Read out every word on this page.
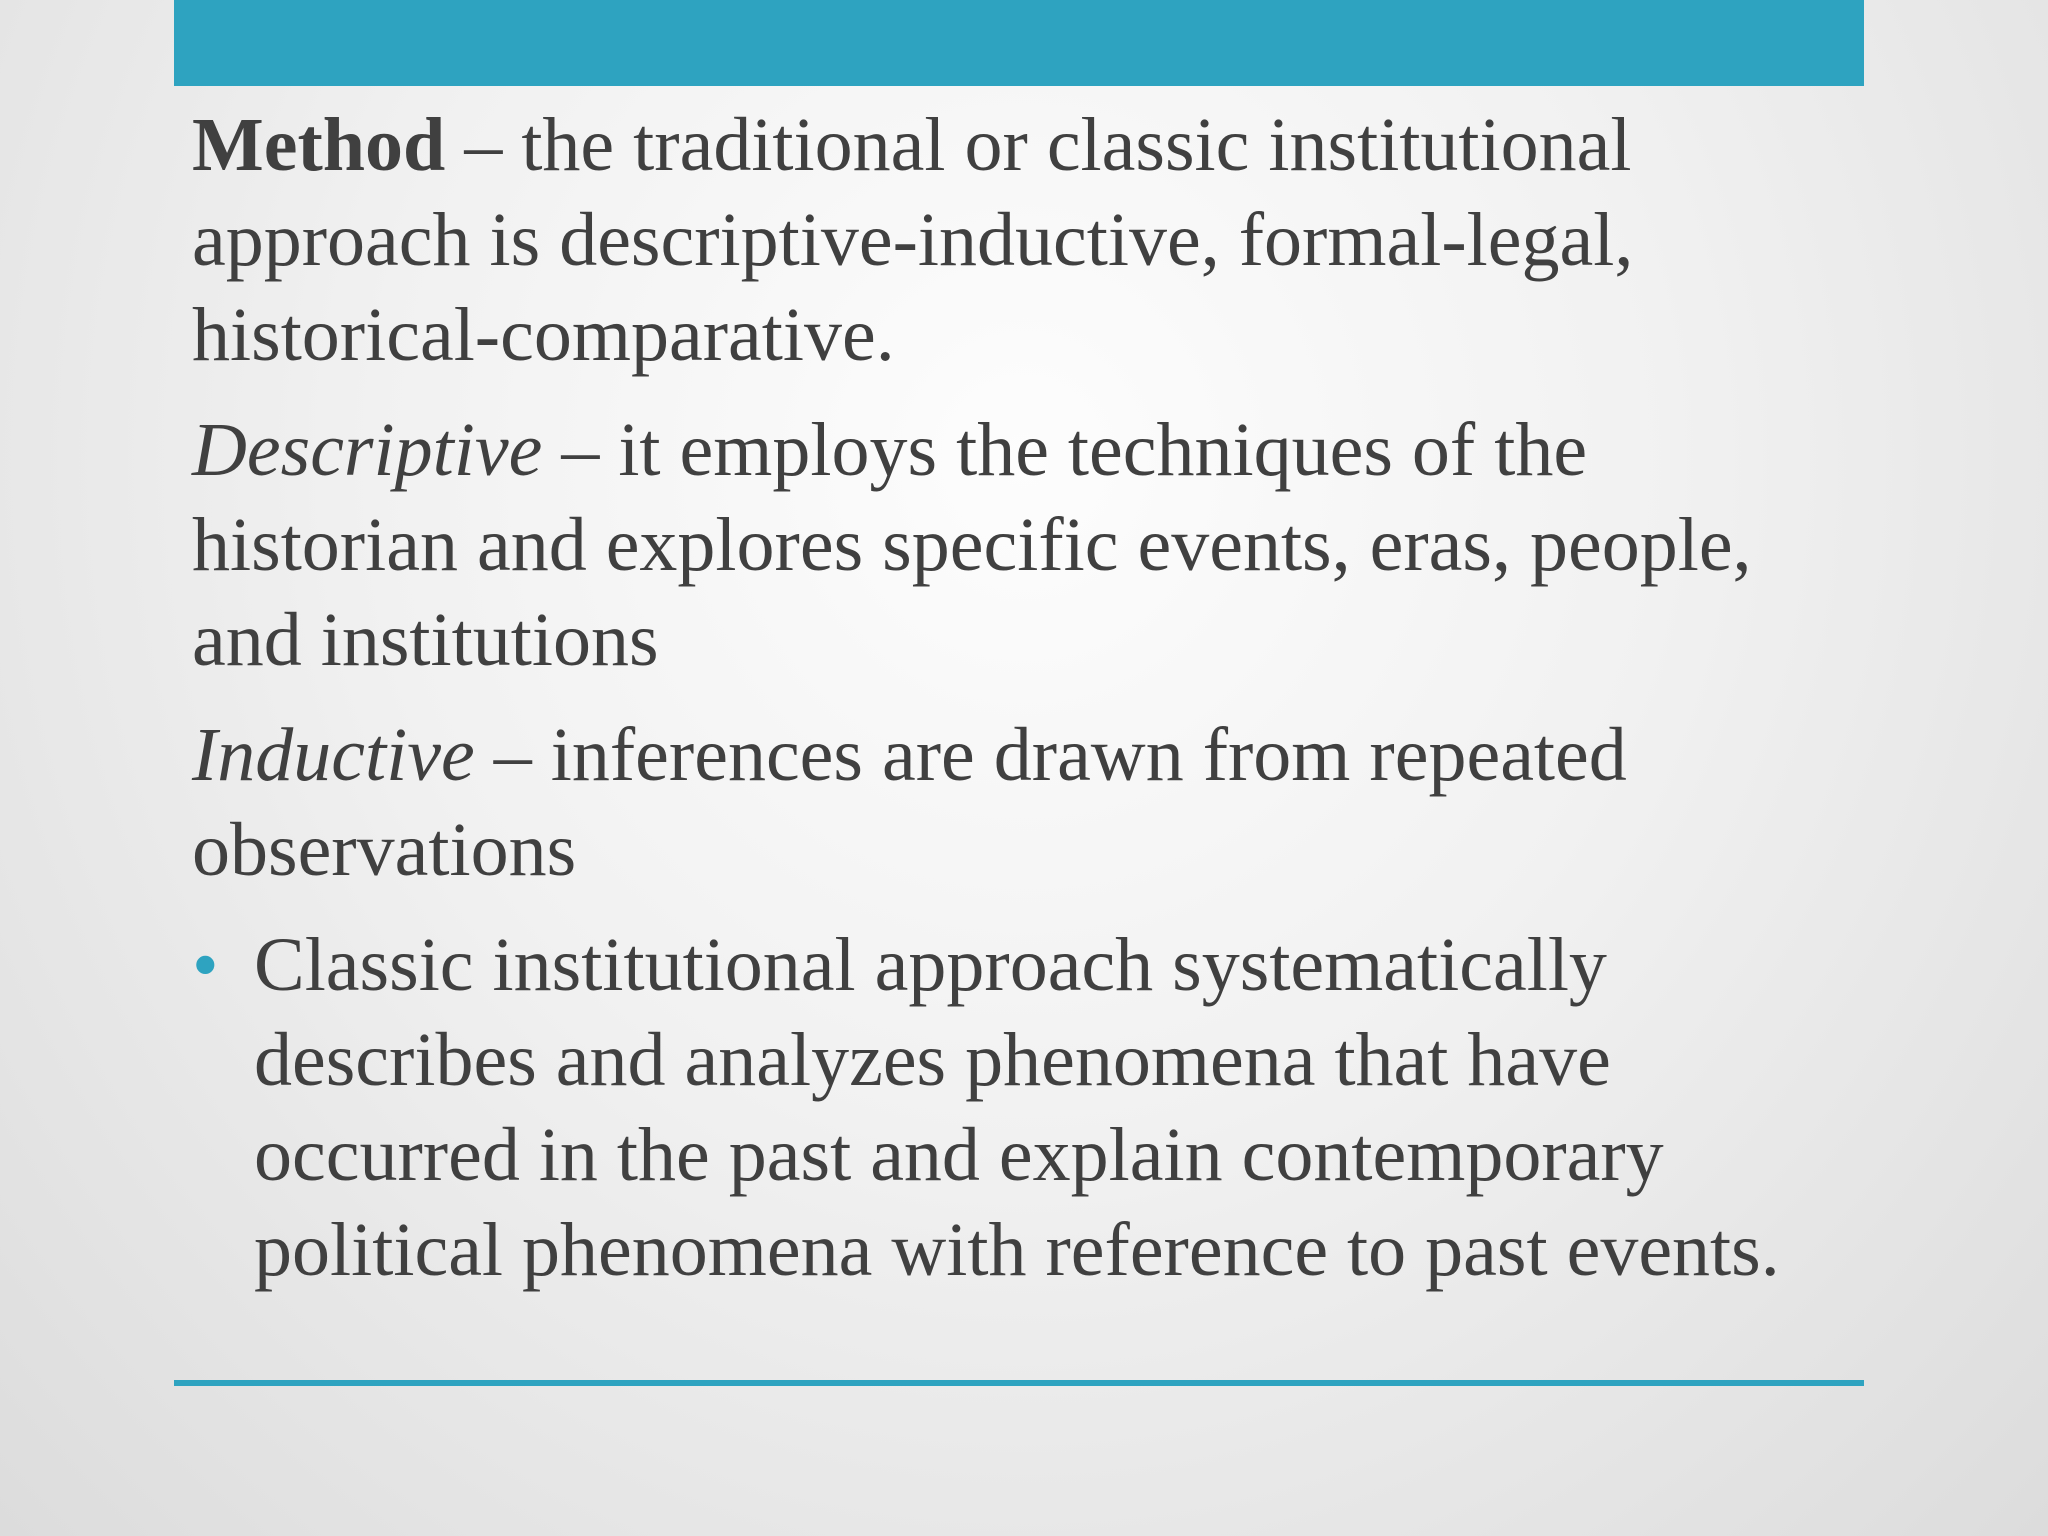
Method – the traditional or classic institutional approach is descriptive-inductive, formal-legal, historical-comparative.

Descriptive – it employs the techniques of the historian and explores specific events, eras, people, and institutions

Inductive – inferences are drawn from repeated observations

• Classic institutional approach systematically describes and analyzes phenomena that have occurred in the past and explain contemporary political phenomena with reference to past events.
